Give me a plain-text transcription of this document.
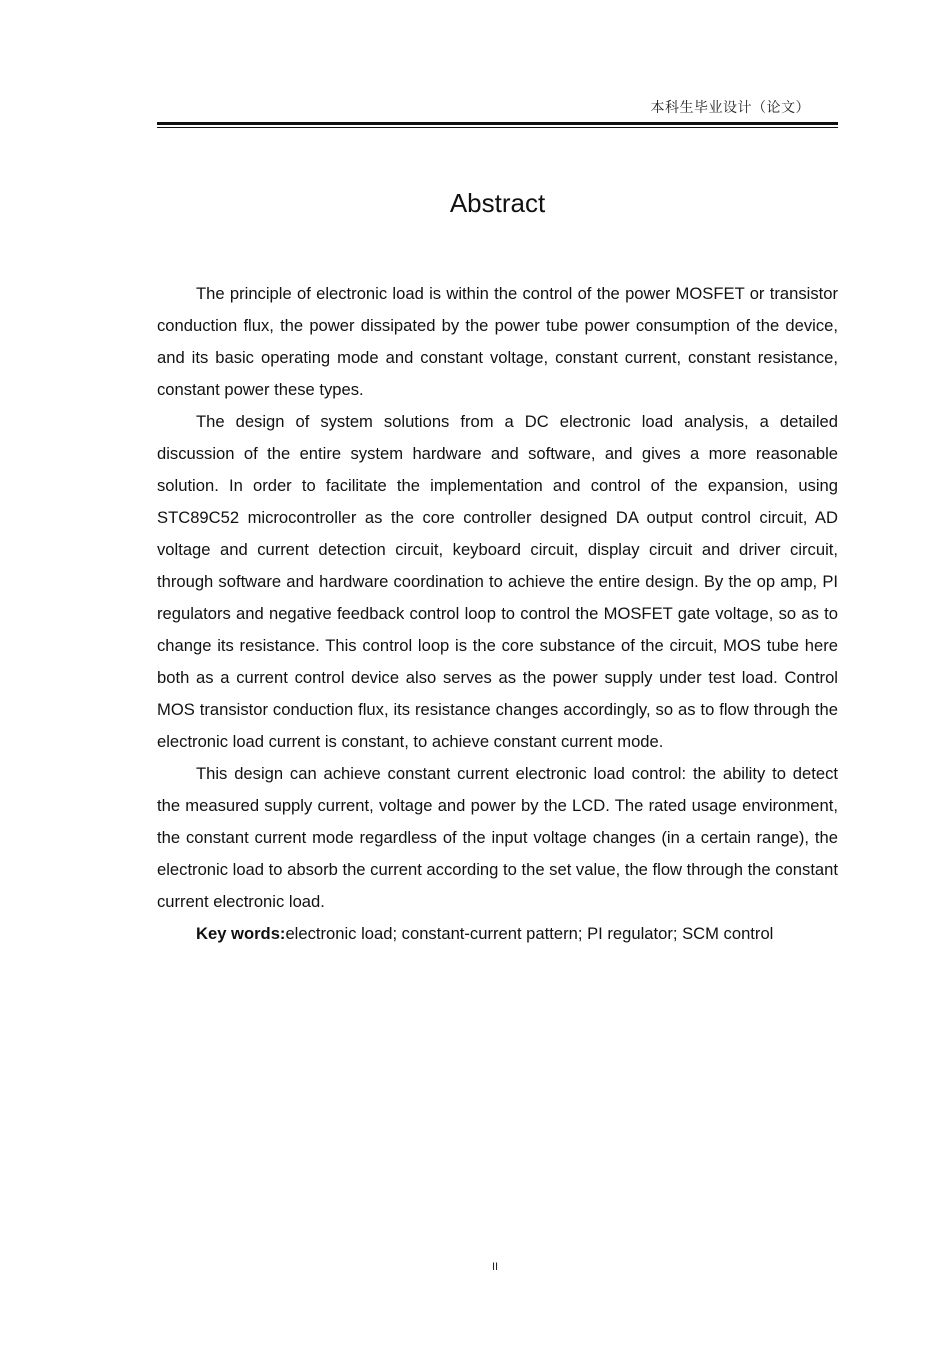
本科生毕业设计（论文）
Abstract

The principle of electronic load is within the control of the power MOSFET or transistor conduction flux, the power dissipated by the power tube power consumption of the device, and its basic operating mode and constant voltage, constant current, constant resistance, constant power these types.

The design of system solutions from a DC electronic load analysis, a detailed discussion of the entire system hardware and software, and gives a more reasonable solution. In order to facilitate the implementation and control of the expansion, using STC89C52 microcontroller as the core controller designed DA output control circuit, AD voltage and current detection circuit, keyboard circuit, display circuit and driver circuit, through software and hardware coordination to achieve the entire design. By the op amp, PI regulators and negative feedback control loop to control the MOSFET gate voltage, so as to change its resistance. This control loop is the core substance of the circuit, MOS tube here both as a current control device also serves as the power supply under test load. Control MOS transistor conduction flux, its resistance changes accordingly, so as to flow through the electronic load current is constant, to achieve constant current mode.

This design can achieve constant current electronic load control: the ability to detect the measured supply current, voltage and power by the LCD. The rated usage environment, the constant current mode regardless of the input voltage changes (in a certain range), the electronic load to absorb the current according to the set value, the flow through the constant current electronic load.

Key words:electronic load; constant-current pattern; PI regulator; SCM control

II
